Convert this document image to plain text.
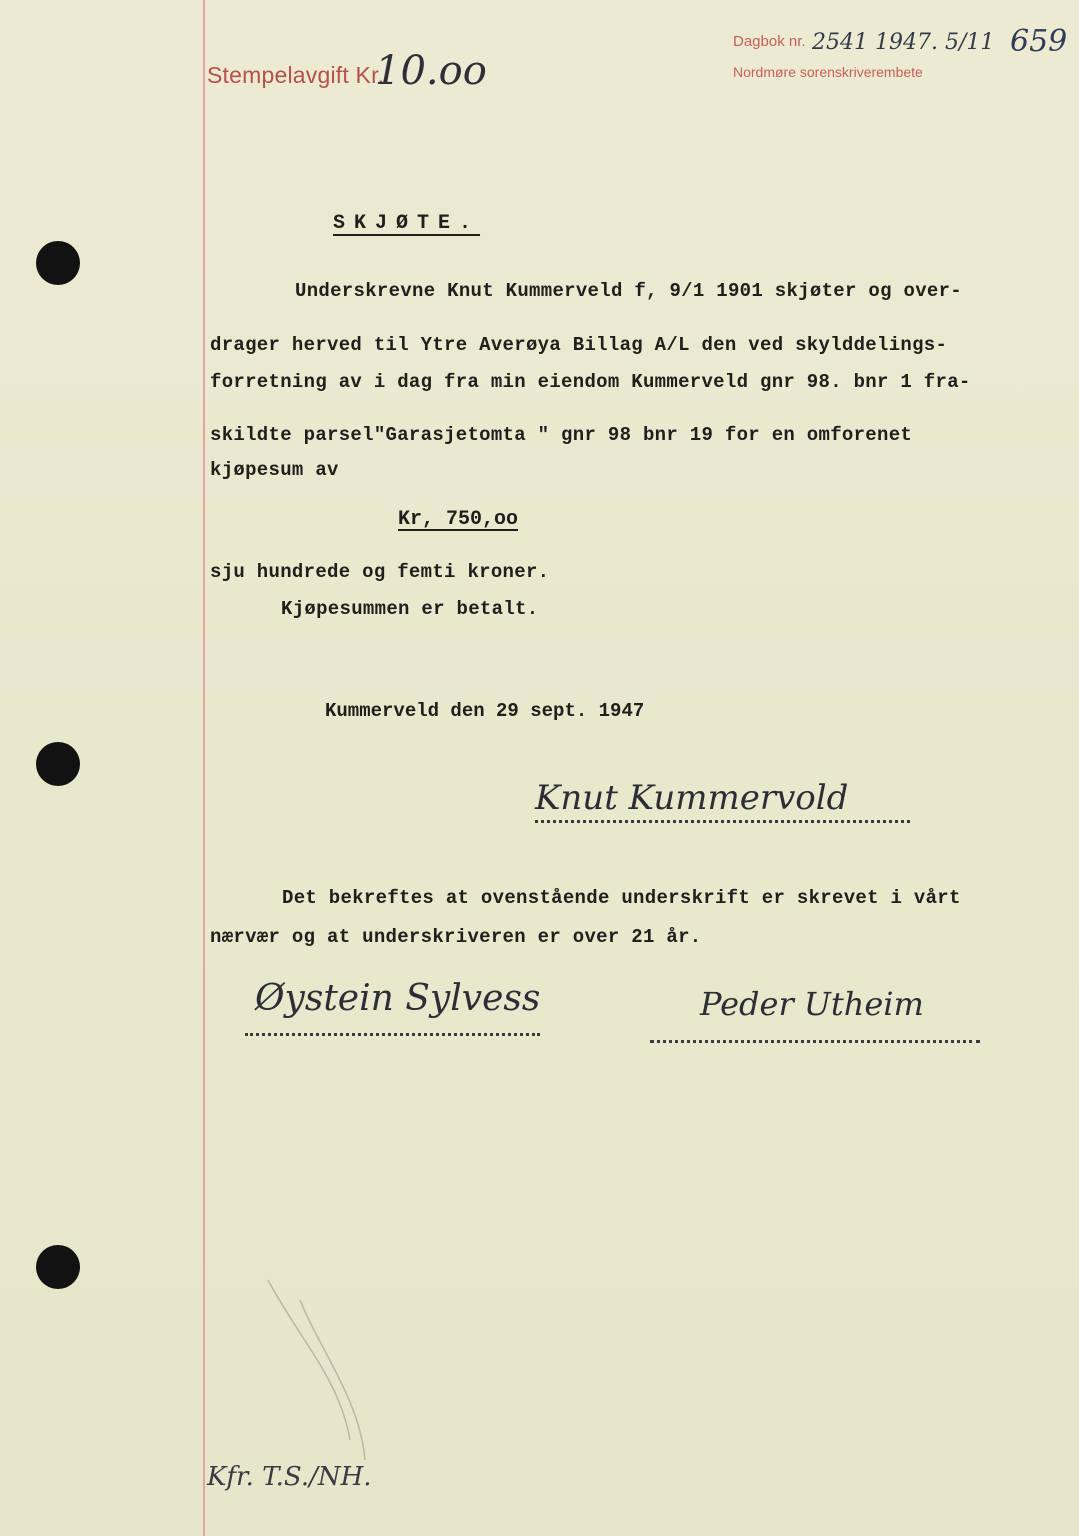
Stempelavgift Kr.
10.oo
Dagbok nr. 2541 1947. 5/11
Nordmøre sorenskriverembete
659
SKJØTE.
Underskrevne Knut Kummerveld f, 9/1 1901 skjøter og over-
drager herved til Ytre Averøya Billag A/L den ved skylddelings-
forretning av i dag fra min eiendom Kummerveld gnr 98. bnr 1 fra-
skildte parsel"Garasjetomta " gnr 98 bnr 19 for en omforenet
kjøpesum av
Kr, 750,oo
sju hundrede og femti kroner.
Kjøpesummen er betalt.
Kummerveld den 29 sept. 1947
Knut Kummervold
Det bekreftes at ovenstående underskrift er skrevet i vårt
nærvær og at underskriveren er over 21 år.
Øystein Sylvess	Peder Utheim
Kfr. T.S./NH.
